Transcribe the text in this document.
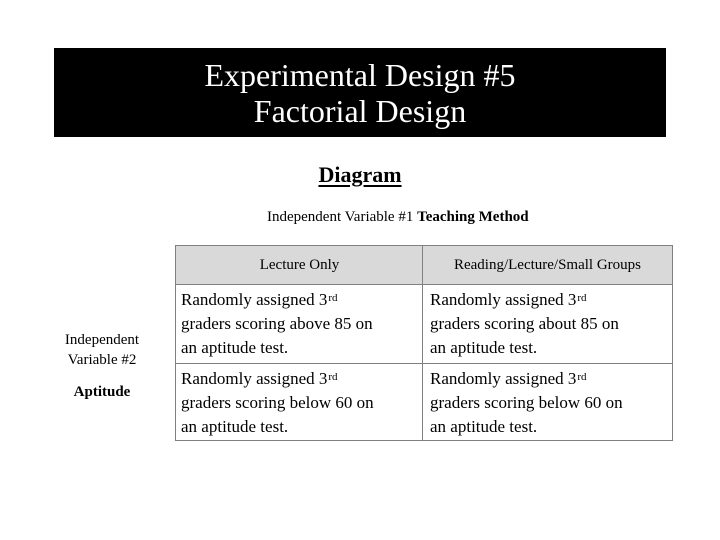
Experimental Design #5
Factorial Design
Diagram
Independent Variable #1 Teaching Method
Independent
Variable #2
Aptitude
Lecture Only	Reading/Lecture/Small Groups
Randomly assigned 3rd
graders scoring above 85 on
an aptitude test.
Randomly assigned 3rd
graders scoring about 85 on
an aptitude test.
Randomly assigned 3rd
graders scoring below 60 on
an aptitude test.
Randomly assigned 3rd
graders scoring below 60 on
an aptitude test.
